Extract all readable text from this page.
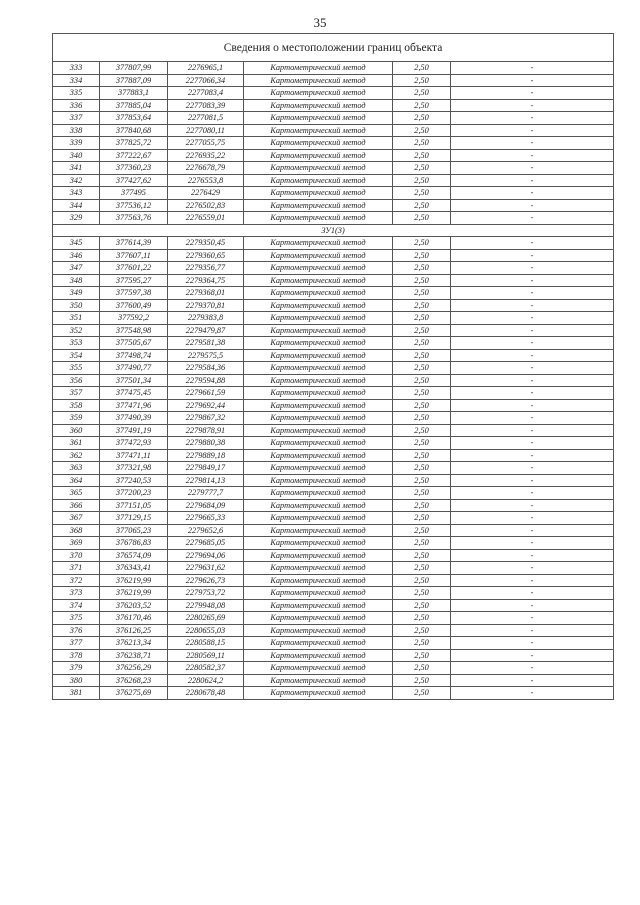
35
Сведения о местоположении границ объекта					
333	377807,99	2276965,1	Картометрический метод	2,50	-
334	377887,09	2277066,34	Картометрический метод	2,50	-
335	377883,1	2277083,4	Картометрический метод	2,50	-
336	377885,04	2277083,39	Картометрический метод	2,50	-
337	377853,64	2277081,5	Картометрический метод	2,50	-
338	377840,68	2277080,11	Картометрический метод	2,50	-
339	377825,72	2277055,75	Картометрический метод	2,50	-
340	377222,67	2276935,22	Картометрический метод	2,50	-
341	377360,23	2276678,79	Картометрический метод	2,50	-
342	377427,62	2276553,8	Картометрический метод	2,50	-
343	377495	2276429	Картометрический метод	2,50	-
344	377536,12	2276502,83	Картометрический метод	2,50	-
329	377563,76	2276559,01	Картометрический метод	2,50	-
ЗУ1(3)					
345	377614,39	2279350,45	Картометрический метод	2,50	-
346	377607,11	2279360,65	Картометрический метод	2,50	-
347	377601,22	2279356,77	Картометрический метод	2,50	-
348	377595,27	2279364,75	Картометрический метод	2,50	-
349	377597,38	2279368,01	Картометрический метод	2,50	-
350	377600,49	2279370,81	Картометрический метод	2,50	-
351	377592,2	2279383,8	Картометрический метод	2,50	-
352	377548,98	2279479,87	Картометрический метод	2,50	-
353	377505,67	2279581,38	Картометрический метод	2,50	-
354	377498,74	2279575,5	Картометрический метод	2,50	-
355	377490,77	2279584,36	Картометрический метод	2,50	-
356	377501,34	2279594,88	Картометрический метод	2,50	-
357	377475,45	2279661,59	Картометрический метод	2,50	-
358	377471,96	2279692,44	Картометрический метод	2,50	-
359	377490,39	2279867,32	Картометрический метод	2,50	-
360	377491,19	2279878,91	Картометрический метод	2,50	-
361	377472,93	2279880,38	Картометрический метод	2,50	-
362	377471,11	2279889,18	Картометрический метод	2,50	-
363	377321,98	2279849,17	Картометрический метод	2,50	-
364	377240,53	2279814,13	Картометрический метод	2,50	-
365	377200,23	2279777,7	Картометрический метод	2,50	-
366	377151,05	2279684,09	Картометрический метод	2,50	-
367	377129,15	2279665,33	Картометрический метод	2,50	-
368	377065,23	2279652,6	Картометрический метод	2,50	-
369	376786,83	2279685,05	Картометрический метод	2,50	-
370	376574,09	2279694,06	Картометрический метод	2,50	-
371	376343,41	2279631,62	Картометрический метод	2,50	-
372	376219,99	2279626,73	Картометрический метод	2,50	-
373	376219,99	2279753,72	Картометрический метод	2,50	-
374	376203,52	2279948,08	Картометрический метод	2,50	-
375	376170,46	2280265,69	Картометрический метод	2,50	-
376	376126,25	2280655,03	Картометрический метод	2,50	-
377	376213,34	2280588,15	Картометрический метод	2,50	-
378	376238,71	2280569,11	Картометрический метод	2,50	-
379	376256,29	2280582,37	Картометрический метод	2,50	-
380	376268,23	2280624,2	Картометрический метод	2,50	-
381	376275,69	2280678,48	Картометрический метод	2,50	-
